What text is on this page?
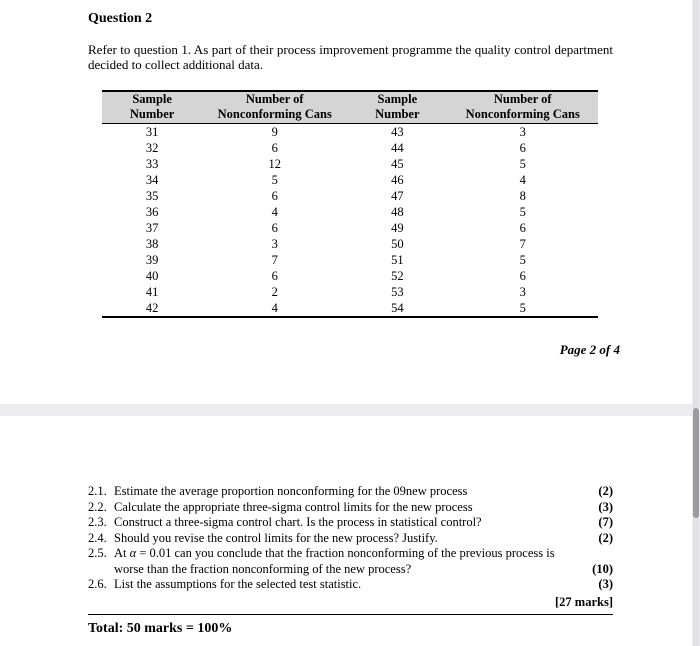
Question 2
Refer to question 1. As part of their process improvement programme the quality control department decided to collect additional data.
Sample	Number of	Sample	Number of
Number	Nonconforming Cans	Number	Nonconforming Cans
31	9	43	3
32	6	44	6
33	12	45	5
34	5	46	4
35	6	47	8
36	4	48	5
37	6	49	6
38	3	50	7
39	7	51	5
40	6	52	6
41	2	53	3
42	4	54	5
Page 2 of 4
2.1. Estimate the average proportion nonconforming for the 09new process	(2)
2.2. Calculate the appropriate three-sigma control limits for the new process	(3)
2.3. Construct a three-sigma control chart. Is the process in statistical control?	(7)
2.4. Should you revise the control limits for the new process? Justify.	(2)
2.5. At α = 0.01 can you conclude that the fraction nonconforming of the previous process is
worse than the fraction nonconforming of the new process?	(10)
2.6. List the assumptions for the selected test statistic.	(3)
[27 marks]
Total: 50 marks = 100%
